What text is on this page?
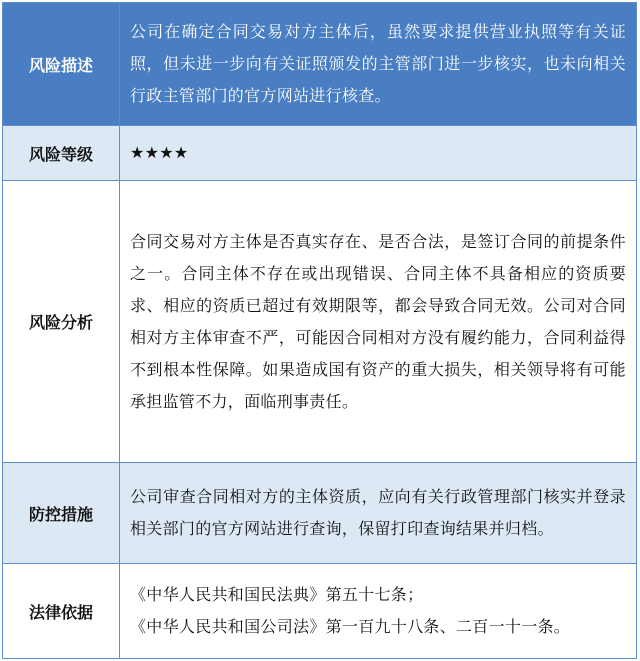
风险描述	公司在确定合同交易对方主体后，虽然要求提供营业执照等有关证照，但未进一步向有关证照颁发的主管部门进一步核实，也未向相关行政主管部门的官方网站进行核查。
风险等级	★★★★
风险分析	合同交易对方主体是否真实存在、是否合法，是签订合同的前提条件之一。合同主体不存在或出现错误、合同主体不具备相应的资质要求、相应的资质已超过有效期限等，都会导致合同无效。公司对合同相对方主体审查不严，可能因合同相对方没有履约能力，合同利益得不到根本性保障。如果造成国有资产的重大损失，相关领导将有可能承担监管不力，面临刑事责任。
防控措施	公司审查合同相对方的主体资质，应向有关行政管理部门核实并登录相关部门的官方网站进行查询，保留打印查询结果并归档。
法律依据	《中华人民共和国民法典》第五十七条；
《中华人民共和国公司法》第一百九十八条、二百一十一条。
